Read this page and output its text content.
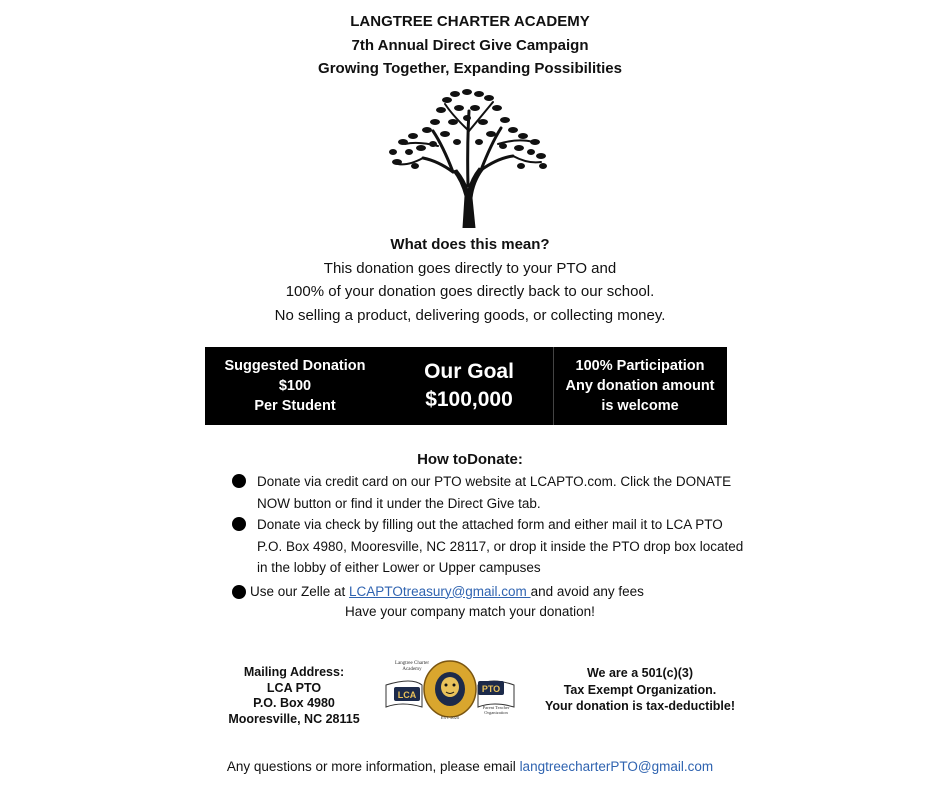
LANGTREE CHARTER ACADEMY
7th Annual Direct Give Campaign
Growing Together, Expanding Possibilities
What does this mean?
This donation goes directly to your PTO and
100% of your donation goes directly back to our school.
No selling a product, delivering goods, or collecting money.
Suggested Donation
$100
Per Student
Our Goal
$100,000
100% Participation
Any donation amount
is welcome
How toDonate:
Donate via credit card on our PTO website at LCAPTO.com. Click the DONATE
NOW button or find it under the Direct Give tab.
Donate via check by filling out the attached form and either mail it to LCA PTO
P.O. Box 4980, Mooresville, NC 28117, or drop it inside the PTO drop box located
in the lobby of either Lower or Upper campuses
Use our Zelle at LCAPTOtreasury@gmail.com and avoid any fees
Have your company match your donation!
Mailing Address:
LCA PTO
P.O. Box 4980
Mooresville, NC 28115
LCA
PTO
Langtree Charter
Academy
Parent Teacher
Organization
EST. 2020
We are a 501(c)(3)
Tax Exempt Organization.
Your donation is tax-deductible!
Any questions or more information, please email langtreecharterPTO@gmail.com
